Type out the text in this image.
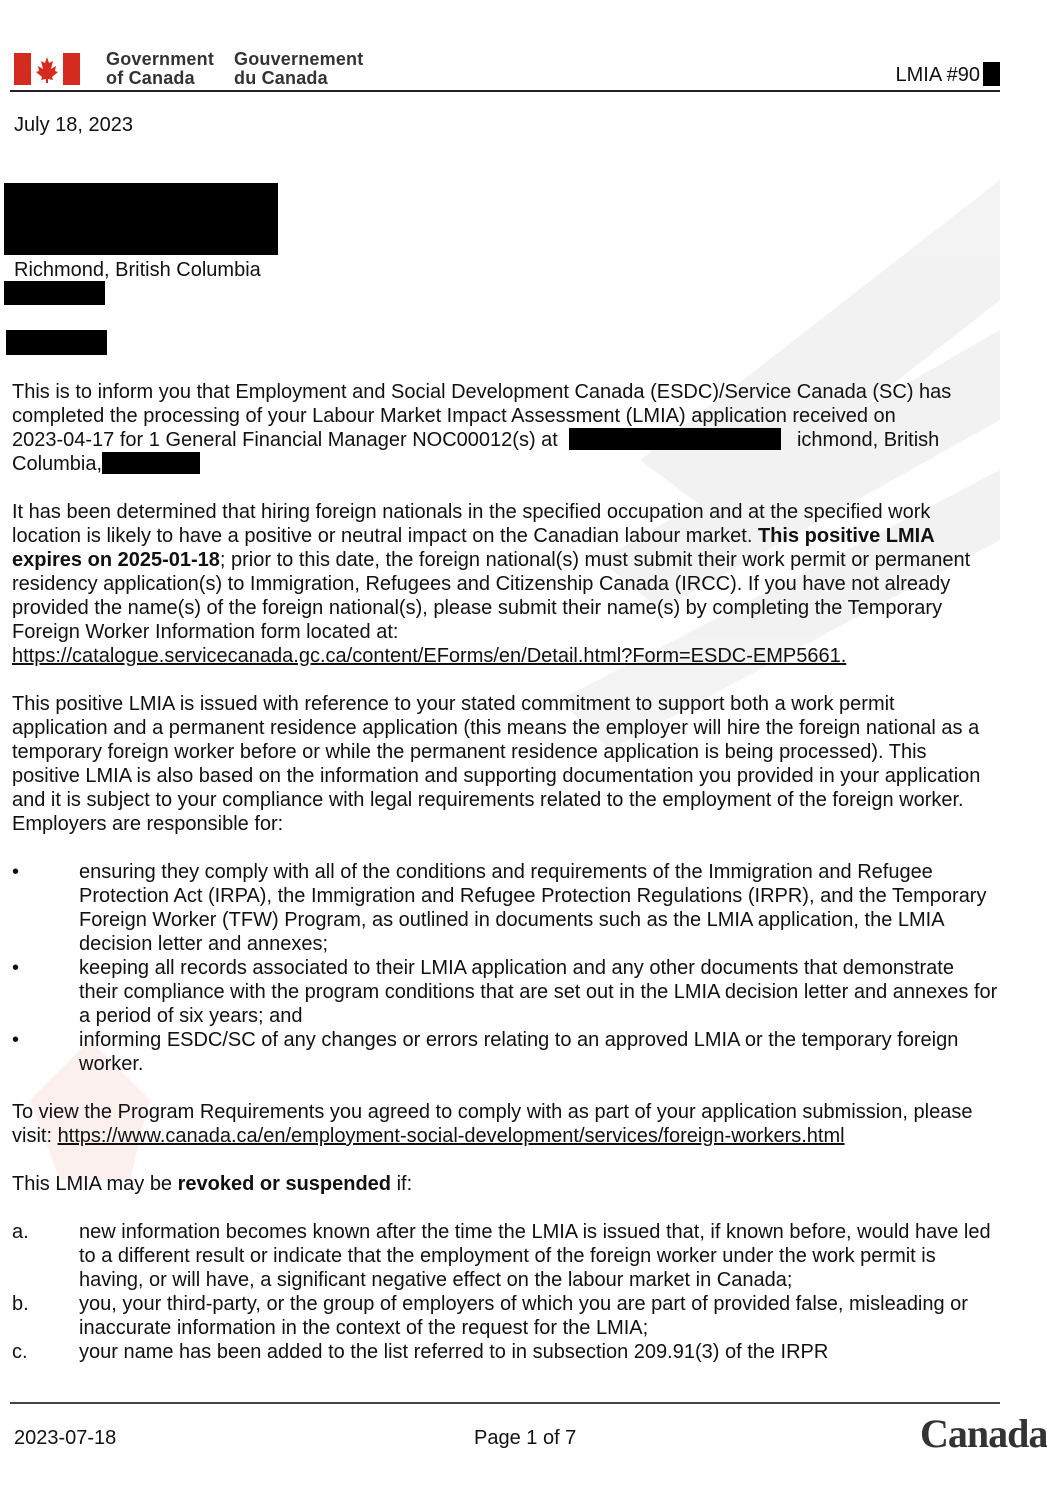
Government
of Canada
Gouvernement
du Canada	LMIA #90
July 18, 2023
Richmond, British Columbia
This is to inform you that Employment and Social Development Canada (ESDC)/Service Canada (SC) has
completed the processing of your Labour Market Impact Assessment (LMIA) application received on
2023-04-17 for 1 General Financial Manager NOC00012(s) at	ichmond, British
Columbia,
It has been determined that hiring foreign nationals in the specified occupation and at the specified work
location is likely to have a positive or neutral impact on the Canadian labour market. This positive LMIA
expires on 2025-01-18; prior to this date, the foreign national(s) must submit their work permit or permanent
residency application(s) to Immigration, Refugees and Citizenship Canada (IRCC). If you have not already
provided the name(s) of the foreign national(s), please submit their name(s) by completing the Temporary
Foreign Worker Information form located at:
https://catalogue.servicecanada.gc.ca/content/EForms/en/Detail.html?Form=ESDC-EMP5661.
This positive LMIA is issued with reference to your stated commitment to support both a work permit
application and a permanent residence application (this means the employer will hire the foreign national as a
temporary foreign worker before or while the permanent residence application is being processed). This
positive LMIA is also based on the information and supporting documentation you provided in your application
and it is subject to your compliance with legal requirements related to the employment of the foreign worker.
Employers are responsible for:
•	ensuring they comply with all of the conditions and requirements of the Immigration and Refugee
Protection Act (IRPA), the Immigration and Refugee Protection Regulations (IRPR), and the Temporary
Foreign Worker (TFW) Program, as outlined in documents such as the LMIA application, the LMIA
decision letter and annexes;
•	keeping all records associated to their LMIA application and any other documents that demonstrate
their compliance with the program conditions that are set out in the LMIA decision letter and annexes for
a period of six years; and
•	informing ESDC/SC of any changes or errors relating to an approved LMIA or the temporary foreign
worker.
To view the Program Requirements you agreed to comply with as part of your application submission, please
visit: https://www.canada.ca/en/employment-social-development/services/foreign-workers.html
This LMIA may be revoked or suspended if:
a.	new information becomes known after the time the LMIA is issued that, if known before, would have led
to a different result or indicate that the employment of the foreign worker under the work permit is
having, or will have, a significant negative effect on the labour market in Canada;
b.	you, your third-party, or the group of employers of which you are part of provided false, misleading or
inaccurate information in the context of the request for the LMIA;
c.	your name has been added to the list referred to in subsection 209.91(3) of the IRPR
2023-07-18	Page 1 of 7	Canada
